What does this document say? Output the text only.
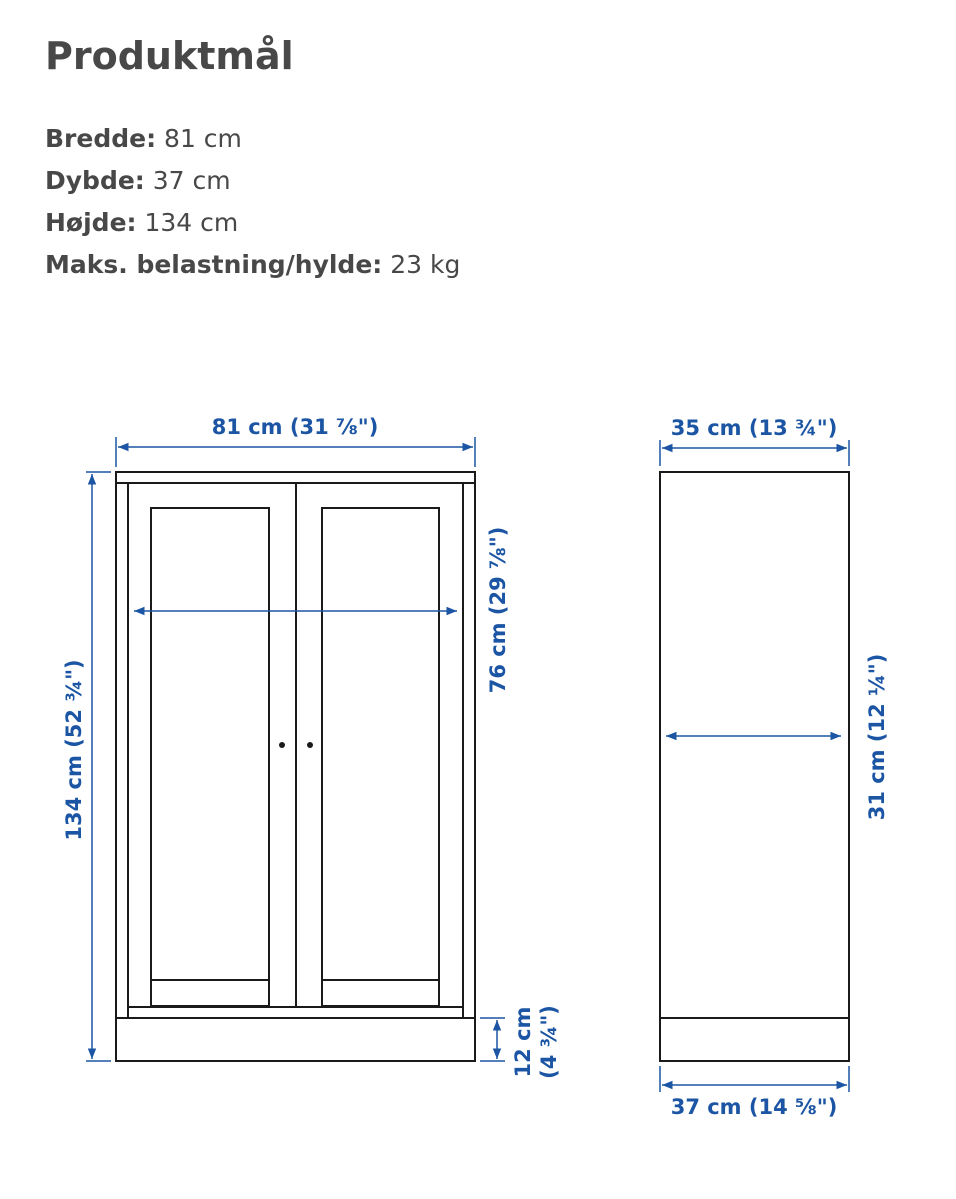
Produktmål
Bredde: 81 cm
Dybde: 37 cm
Højde: 134 cm
Maks. belastning/hylde: 23 kg
81 cm (31 ⅞")
134 cm (52 ¾")
76 cm (29 ⅞")
12 cm (4 ¾")
35 cm (13 ¾")
31 cm (12 ¼")
37 cm (14 ⅝")
